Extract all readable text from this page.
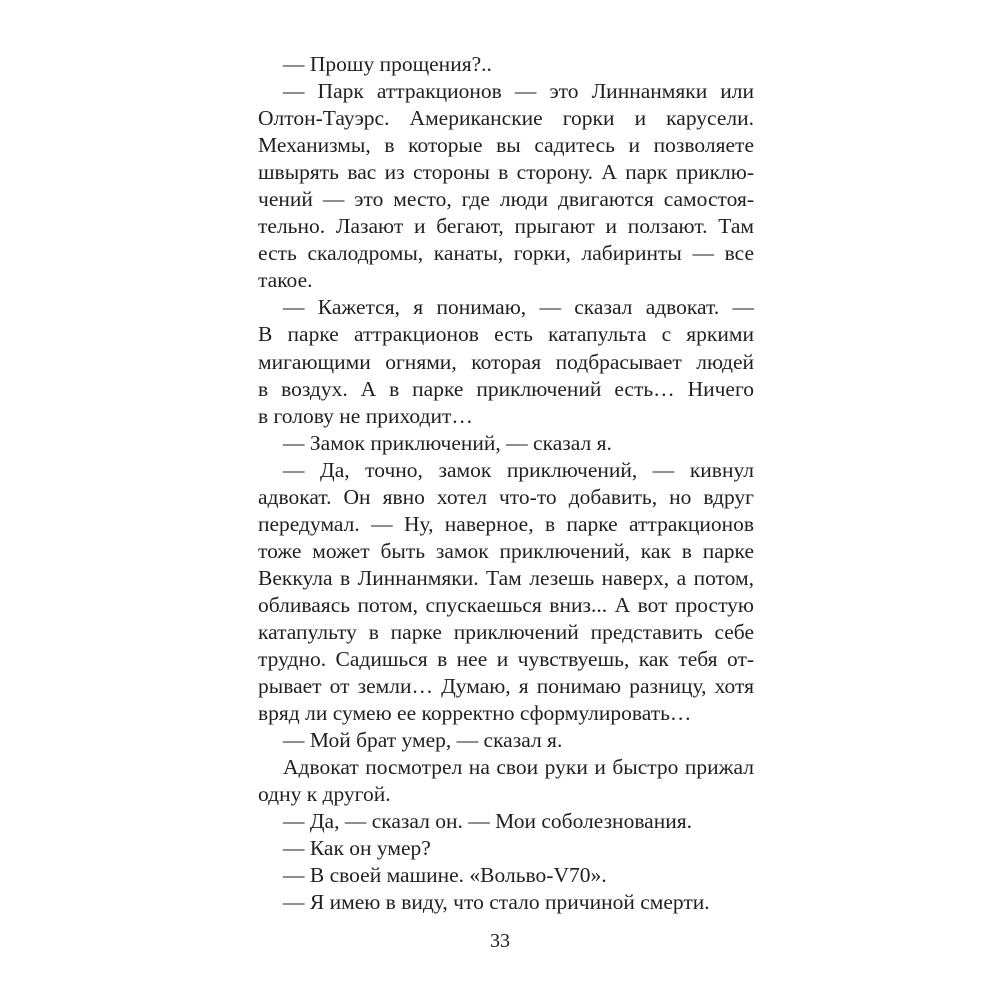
— Прошу прощения?..
— Парк аттракционов — это Линнанмяки или
Олтон-Тауэрс. Американские горки и карусели.
Механизмы, в которые вы садитесь и позволяете
швырять вас из стороны в сторону. А парк приклю-
чений — это место, где люди двигаются самостоя-
тельно. Лазают и бегают, прыгают и ползают. Там
есть скалодромы, канаты, горки, лабиринты — все
такое.
— Кажется, я понимаю, — сказал адвокат. —
В парке аттракционов есть катапульта с яркими
мигающими огнями, которая подбрасывает людей
в воздух. А в парке приключений есть… Ничего
в голову не приходит…
— Замок приключений, — сказал я.
— Да, точно, замок приключений, — кивнул
адвокат. Он явно хотел что-то добавить, но вдруг
передумал. — Ну, наверное, в парке аттракционов
тоже может быть замок приключений, как в парке
Веккула в Линнанмяки. Там лезешь наверх, а потом,
обливаясь потом, спускаешься вниз... А вот простую
катапульту в парке приключений представить себе
трудно. Садишься в нее и чувствуешь, как тебя от-
рывает от земли… Думаю, я понимаю разницу, хотя
вряд ли сумею ее корректно сформулировать…
— Мой брат умер, — сказал я.
Адвокат посмотрел на свои руки и быстро прижал
одну к другой.
— Да, — сказал он. — Мои соболезнования.
— Как он умер?
— В своей машине. «Вольво-V70».
— Я имею в виду, что стало причиной смерти.
33
